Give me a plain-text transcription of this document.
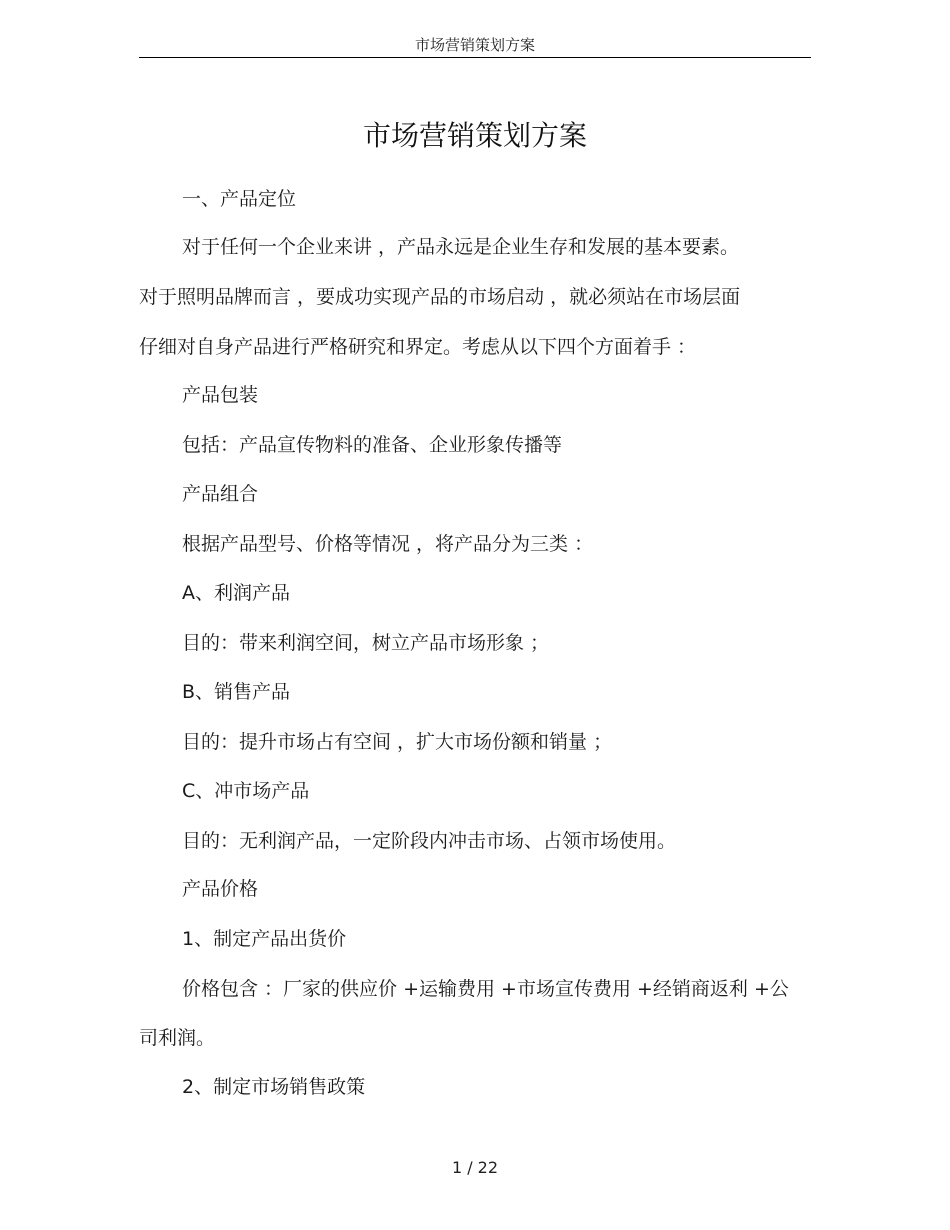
市场营销策划方案
市场营销策划方案
一、产品定位
对于任何一个企业来讲 ，产品永远是企业生存和发展的基本要素。
对于照明品牌而言 ，要成功实现产品的市场启动 ，就必须站在市场层面
仔细对自身产品进行严格研究和界定。考虑从以下四个方面着手 ：
产品包装
包括：产品宣传物料的准备、企业形象传播等
产品组合
根据产品型号、价格等情况 ，将产品分为三类 ：
A、利润产品
目的：带来利润空间，树立产品市场形象 ；
B、销售产品
目的：提升市场占有空间 ，扩大市场份额和销量 ；
C、冲市场产品
目的：无利润产品，一定阶段内冲击市场、占领市场使用。
产品价格
1、制定产品出货价
价格包含 ：厂家的供应价 +运输费用 +市场宣传费用 +经销商返利 +公
司利润。
2、制定市场销售政策
1 / 22
